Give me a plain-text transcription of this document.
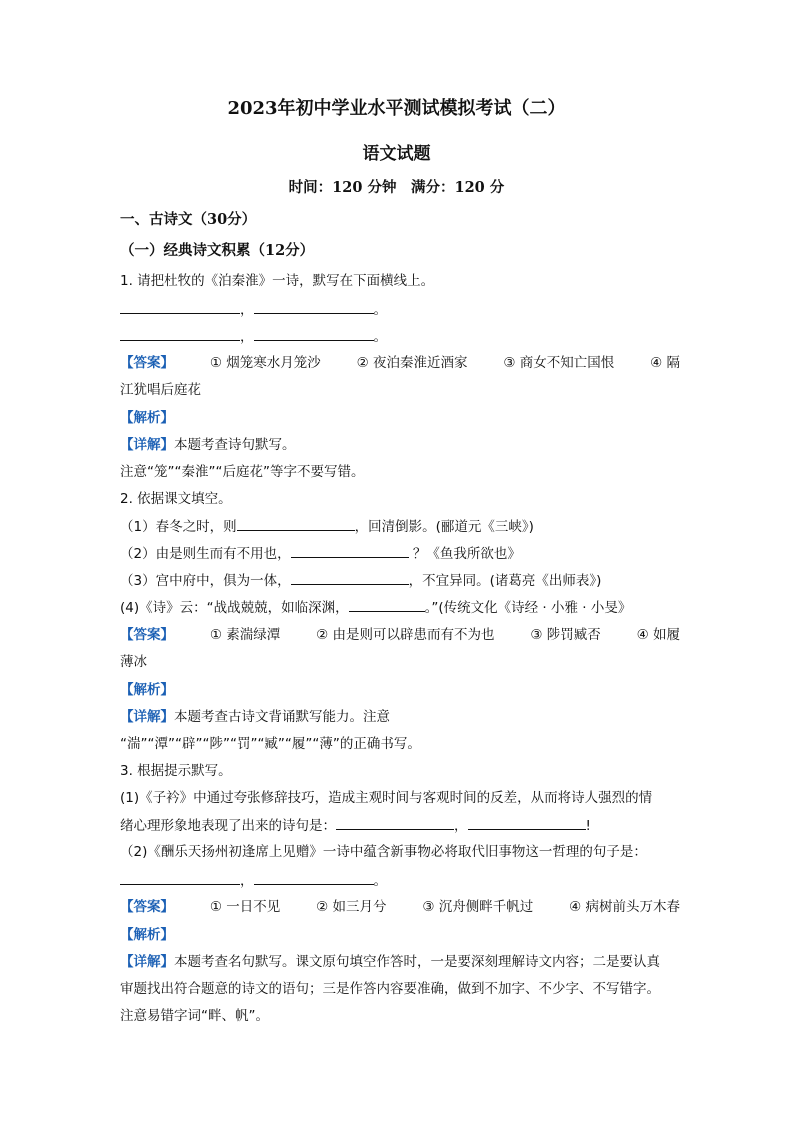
2023年初中学业水平测试模拟考试（二）
语文试题
时间：120 分钟　满分：120 分
一、古诗文（30分）
（一）经典诗文积累（12分）
1. 请把杜牧的《泊秦淮》一诗，默写在下面横线上。
，	。
，	。
【答案】	① 烟笼寒水月笼沙	② 夜泊秦淮近酒家	③ 商女不知亡国恨	④ 隔
江犹唱后庭花
【解析】
【详解】本题考查诗句默写。
注意“笼”“秦淮”“后庭花”等字不要写错。
2. 依据课文填空。
（1）春冬之时，则	，回清倒影。(郦道元《三峡》)
（2）由是则生而有不用也，	？《鱼我所欲也》
（3）宫中府中，俱为一体，	，不宜异同。(诸葛亮《出师表》)
(4)《诗》云：“战战兢兢，如临深渊，	。”(传统文化《诗经 · 小雅 · 小旻》
【答案】	① 素湍绿潭	② 由是则可以辟患而有不为也	③ 陟罚臧否	④ 如履
薄冰
【解析】
【详解】本题考查古诗文背诵默写能力。注意
“湍”“潭”“辟”“陟”“罚”“臧”“履”“薄”的正确书写。
3. 根据提示默写。
(1)《子衿》中通过夸张修辞技巧，造成主观时间与客观时间的反差，从而将诗人强烈的情
绪心理形象地表现了出来的诗句是：	，	!
（2)《酬乐天扬州初逢席上见赠》一诗中蕴含新事物必将取代旧事物这一哲理的句子是：
，	。
【答案】	① 一日不见	② 如三月兮	③ 沉舟侧畔千帆过	④ 病树前头万木春
【解析】
【详解】本题考查名句默写。课文原句填空作答时，一是要深刻理解诗文内容；二是要认真
审题找出符合题意的诗文的语句；三是作答内容要准确，做到不加字、不少字、不写错字。
注意易错字词“畔、帆”。
